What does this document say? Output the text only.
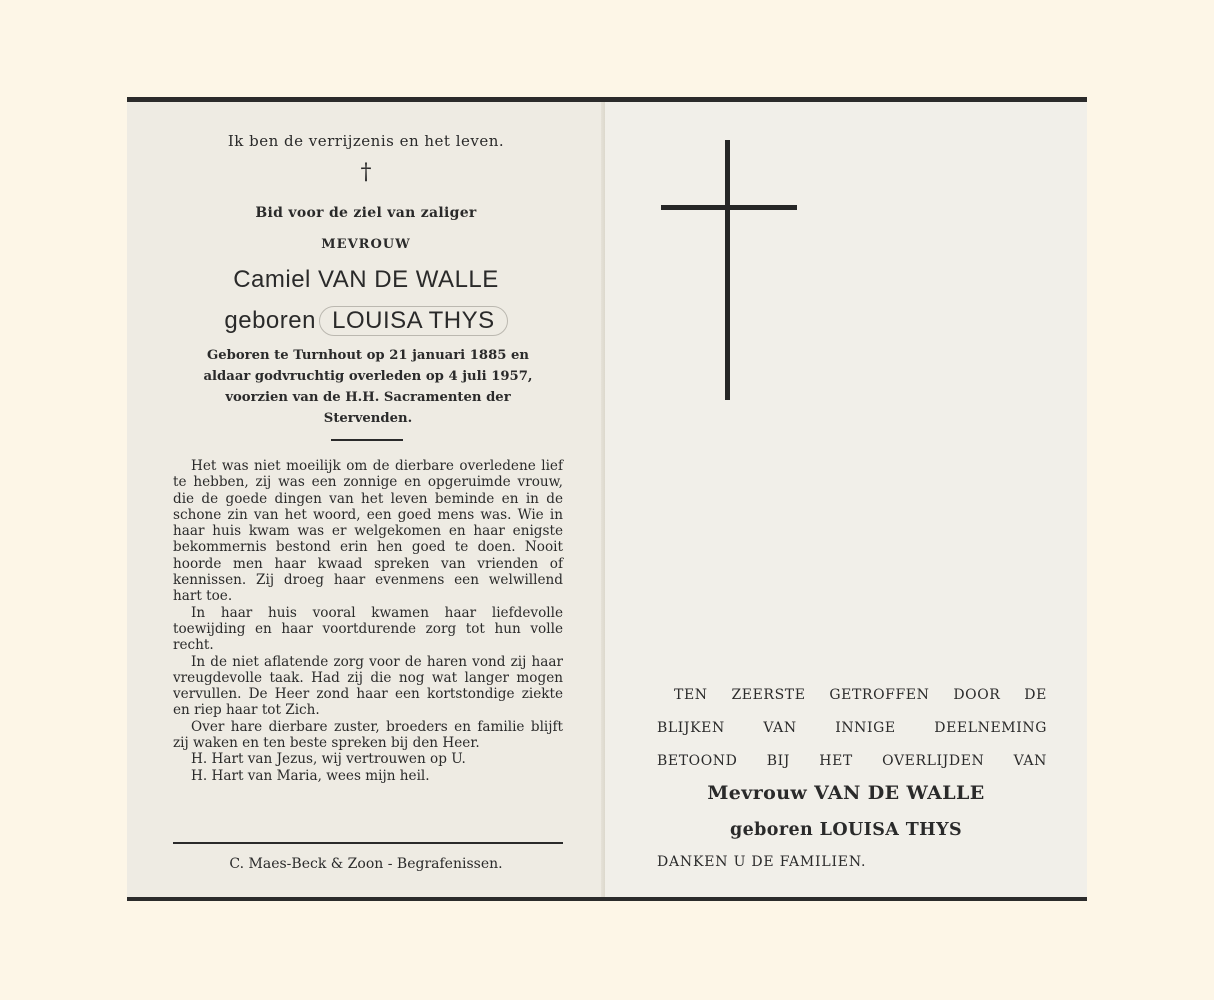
Ik ben de verrijzenis en het leven.
†
Bid voor de ziel van zaliger
MEVROUW
Camiel VAN DE WALLE
geboren LOUISA THYS
Geboren te Turnhout op 21 januari 1885 en
aldaar godvruchtig overleden op 4 juli 1957,
voorzien van de H.H. Sacramenten der
Stervenden.

Het was niet moeilijk om de dierbare overledene lief te hebben, zij was een zonnige en opgeruimde vrouw, die de goede dingen van het leven beminde en in de schone zin van het woord, een goed mens was. Wie in haar huis kwam was er welgekomen en haar enigste bekommernis bestond erin hen goed te doen. Nooit hoorde men haar kwaad spreken van vrienden of kennissen. Zij droeg haar evenmens een welwillend hart toe.

In haar huis vooral kwamen haar liefdevolle toewijding en haar voortdurende zorg tot hun volle recht.

In de niet aflatende zorg voor de haren vond zij haar vreugdevolle taak. Had zij die nog wat langer mogen vervullen. De Heer zond haar een kortstondige ziekte en riep haar tot Zich.

Over hare dierbare zuster, broeders en familie blijft zij waken en ten beste spreken bij den Heer.

H. Hart van Jezus, wij vertrouwen op U.

H. Hart van Maria, wees mijn heil.

C. Maes-Beck & Zoon - Begrafenissen.
TEN ZEERSTE GETROFFEN DOOR DE
BLIJKEN	VAN	INNIGE	DEELNEMING
BETOOND BIJ HET OVERLIJDEN VAN
Mevrouw VAN DE WALLE
geboren LOUISA THYS
DANKEN U DE FAMILIEN.
